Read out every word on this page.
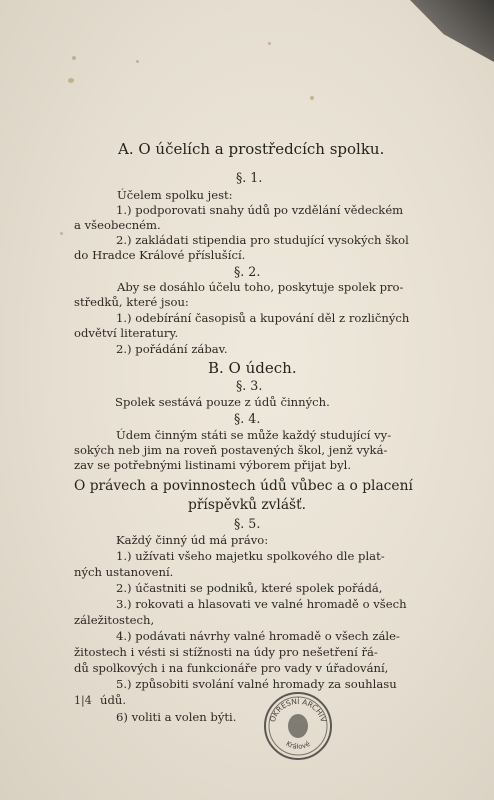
A. O účelích a prostředcích spolku.
§. 1.
Účelem spolku jest:
1.) podporovati snahy údů po vzdělání vědeckém
a všeobecném.
2.) zakládati stipendia pro studující vysokých škol
do Hradce Králové příslušící.
§. 2.
Aby se dosáhlo účelu toho, poskytuje spolek pro-
středků, které jsou:
1.) odebírání časopisů a kupování děl z rozličných
odvětví literatury.
2.) pořádání zábav.
B. O údech.
§. 3.
Spolek sestává pouze z údů činných.
§. 4.
Údem činným státi se může každý studující vy-
sokých neb jim na roveň postavených škol, jenž vyká-
zav se potřebnými listinami výborem přijat byl.
O právech a povinnostech údů vůbec a o placení
příspěvků zvlášť.
§. 5.
Každý činný úd má právo:
1.) užívati všeho majetku spolkového dle plat-
ných ustanovení.
2.) účastniti se podniků, které spolek pořádá,
3.) rokovati a hlasovati ve valné hromadě o všech
záležitostech,
4.) podávati návrhy valné hromadě o všech zále-
žitostech i vésti si stížnosti na údy pro nešetření řá-
dů spolkových i na funkcionáře pro vady v úřadování,
5.) způsobiti svolání valné hromady za souhlasu
1|4 údů.
6) voliti a volen býti.	OKRESNÍ ARCHIV
Králové
